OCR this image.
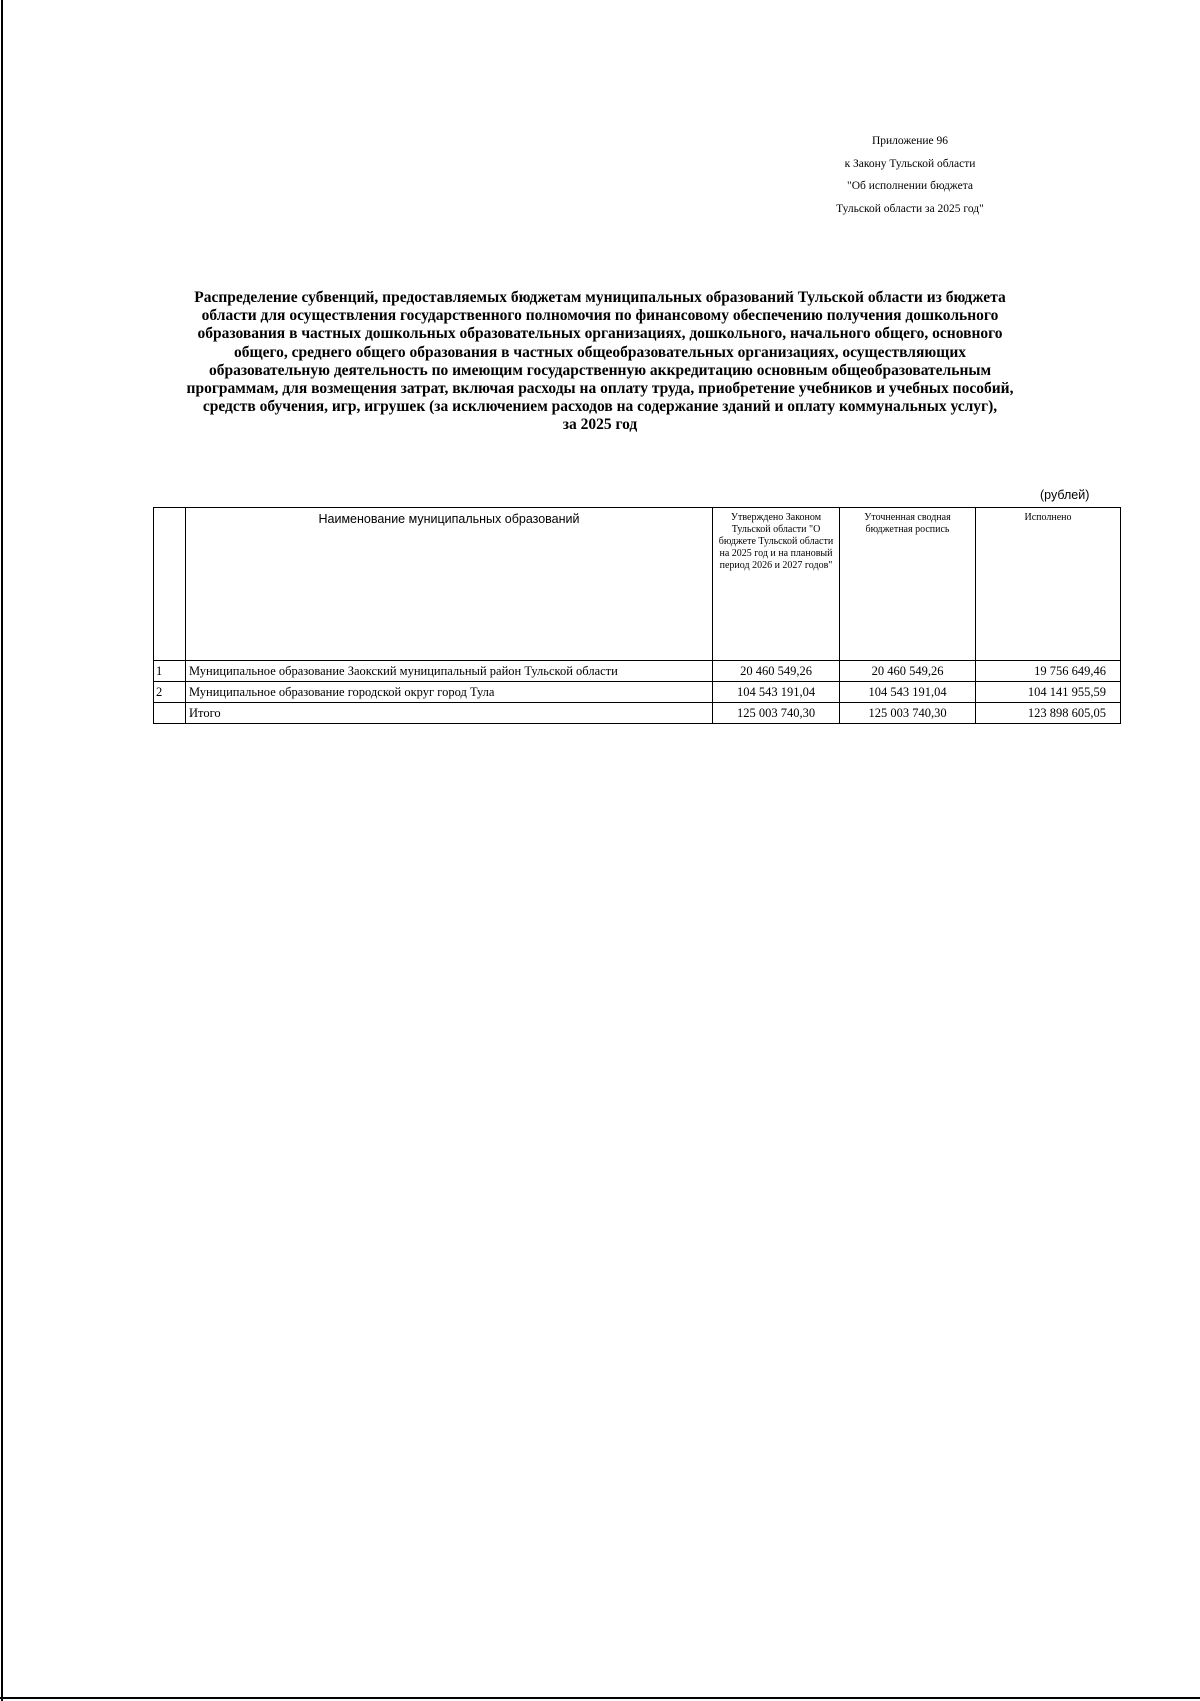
Приложение 96
к Закону Тульской области
"Об исполнении бюджета
Тульской области за 2025 год"
Распределение субвенций, предоставляемых бюджетам муниципальных образований Тульской области из бюджета
области для осуществления государственного полномочия по финансовому обеспечению получения дошкольного
образования в частных дошкольных образовательных организациях, дошкольного, начального общего, основного
общего, среднего общего образования в частных общеобразовательных организациях, осуществляющих
образовательную деятельность по имеющим государственную аккредитацию основным общеобразовательным
программам, для возмещения затрат, включая расходы на оплату труда, приобретение учебников и учебных пособий,
средств обучения, игр, игрушек (за исключением расходов на содержание зданий и оплату коммунальных услуг),
за 2025 год
(рублей)
	Наименование муниципальных образований	Утверждено Законом Тульской области "О бюджете Тульской области на 2025 год и на плановый период 2026 и 2027 годов"	Уточненная сводная бюджетная роспись	Исполнено
1	Муниципальное образование Заокский муниципальный район Тульской области	20 460 549,26	20 460 549,26	19 756 649,46
2	Муниципальное образование городской округ город Тула	104 543 191,04	104 543 191,04	104 141 955,59
	Итого	125 003 740,30	125 003 740,30	123 898 605,05
